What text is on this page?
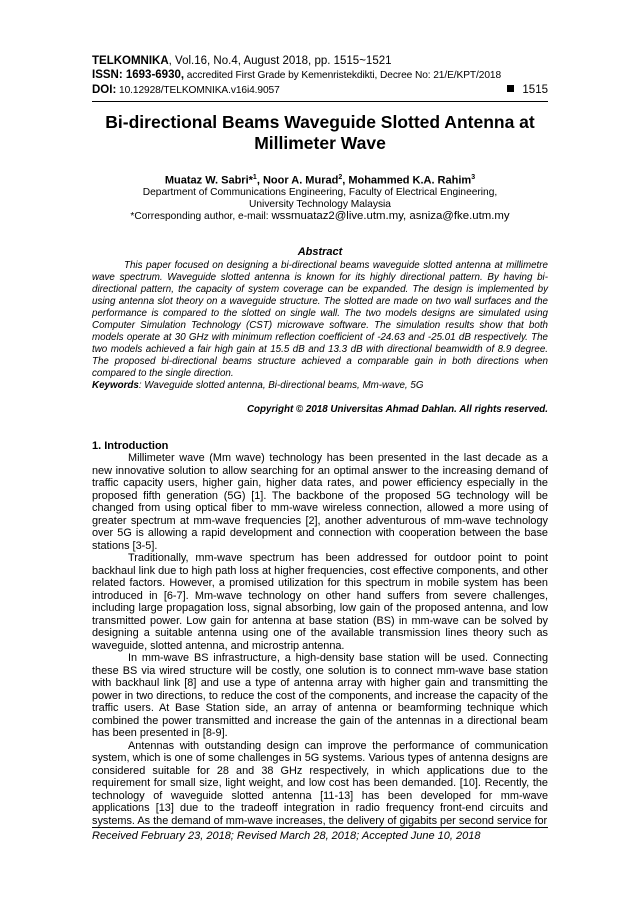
TELKOMNIKA, Vol.16, No.4, August 2018, pp. 1515~1521
ISSN: 1693-6930, accredited First Grade by Kemenristekdikti, Decree No: 21/E/KPT/2018
DOI: 10.12928/TELKOMNIKA.v16i4.9057	1515
Bi-directional Beams Waveguide Slotted Antenna at Millimeter Wave
Muataz W. Sabri*$^1$, Noor A. Murad$^2$, Mohammed K.A. Rahim$^3$
Department of Communications Engineering, Faculty of Electrical Engineering,
University Technology Malaysia
*Corresponding author, e-mail: wssmuataz2@live.utm.my, asniza@fke.utm.my
Abstract
This paper focused on designing a bi-directional beams waveguide slotted antenna at millimetre wave spectrum. Waveguide slotted antenna is known for its highly directional pattern. By having bi-directional pattern, the capacity of system coverage can be expanded. The design is implemented by using antenna slot theory on a waveguide structure. The slotted are made on two wall surfaces and the performance is compared to the slotted on single wall. The two models designs are simulated using Computer Simulation Technology (CST) microwave software. The simulation results show that both models operate at 30 GHz with minimum reflection coefficient of -24.63 and -25.01 dB respectively. The two models achieved a fair high gain at 15.5 dB and 13.3 dB with directional beamwidth of 8.9 degree. The proposed bi-directional beams structure achieved a comparable gain in both directions when compared to the single direction.
Keywords: Waveguide slotted antenna, Bi-directional beams, Mm-wave, 5G
Copyright © 2018 Universitas Ahmad Dahlan. All rights reserved.
1. Introduction

Millimeter wave (Mm wave) technology has been presented in the last decade as a new innovative solution to allow searching for an optimal answer to the increasing demand of traffic capacity users, higher gain, higher data rates, and power efficiency especially in the proposed fifth generation (5G) [1]. The backbone of the proposed 5G technology will be changed from using optical fiber to mm-wave wireless connection, allowed a more using of greater spectrum at mm-wave frequencies [2], another adventurous of mm-wave technology over 5G is allowing a rapid development and connection with cooperation between the base stations [3-5].

Traditionally, mm-wave spectrum has been addressed for outdoor point to point backhaul link due to high path loss at higher frequencies, cost effective components, and other related factors. However, a promised utilization for this spectrum in mobile system has been introduced in [6-7]. Mm-wave technology on other hand suffers from severe challenges, including large propagation loss, signal absorbing, low gain of the proposed antenna, and low transmitted power. Low gain for antenna at base station (BS) in mm-wave can be solved by designing a suitable antenna using one of the available transmission lines theory such as waveguide, slotted antenna, and microstrip antenna.

In mm-wave BS infrastructure, a high-density base station will be used. Connecting these BS via wired structure will be costly, one solution is to connect mm-wave base station with backhaul link [8] and use a type of antenna array with higher gain and transmitting the power in two directions, to reduce the cost of the components, and increase the capacity of the traffic users. At Base Station side, an array of antenna or beamforming technique which combined the power transmitted and increase the gain of the antennas in a directional beam has been presented in [8-9].

Antennas with outstanding design can improve the performance of communication system, which is one of some challenges in 5G systems. Various types of antenna designs are considered suitable for 28 and 38 GHz respectively, in which applications due to the requirement for small size, light weight, and low cost has been demanded. [10]. Recently, the technology of waveguide slotted antenna [11-13] has been developed for mm-wave applications [13] due to the tradeoff integration in radio frequency front-end circuits and systems. As the demand of mm-wave increases, the delivery of gigabits per second service for

Received February 23, 2018; Revised March 28, 2018; Accepted June 10, 2018
